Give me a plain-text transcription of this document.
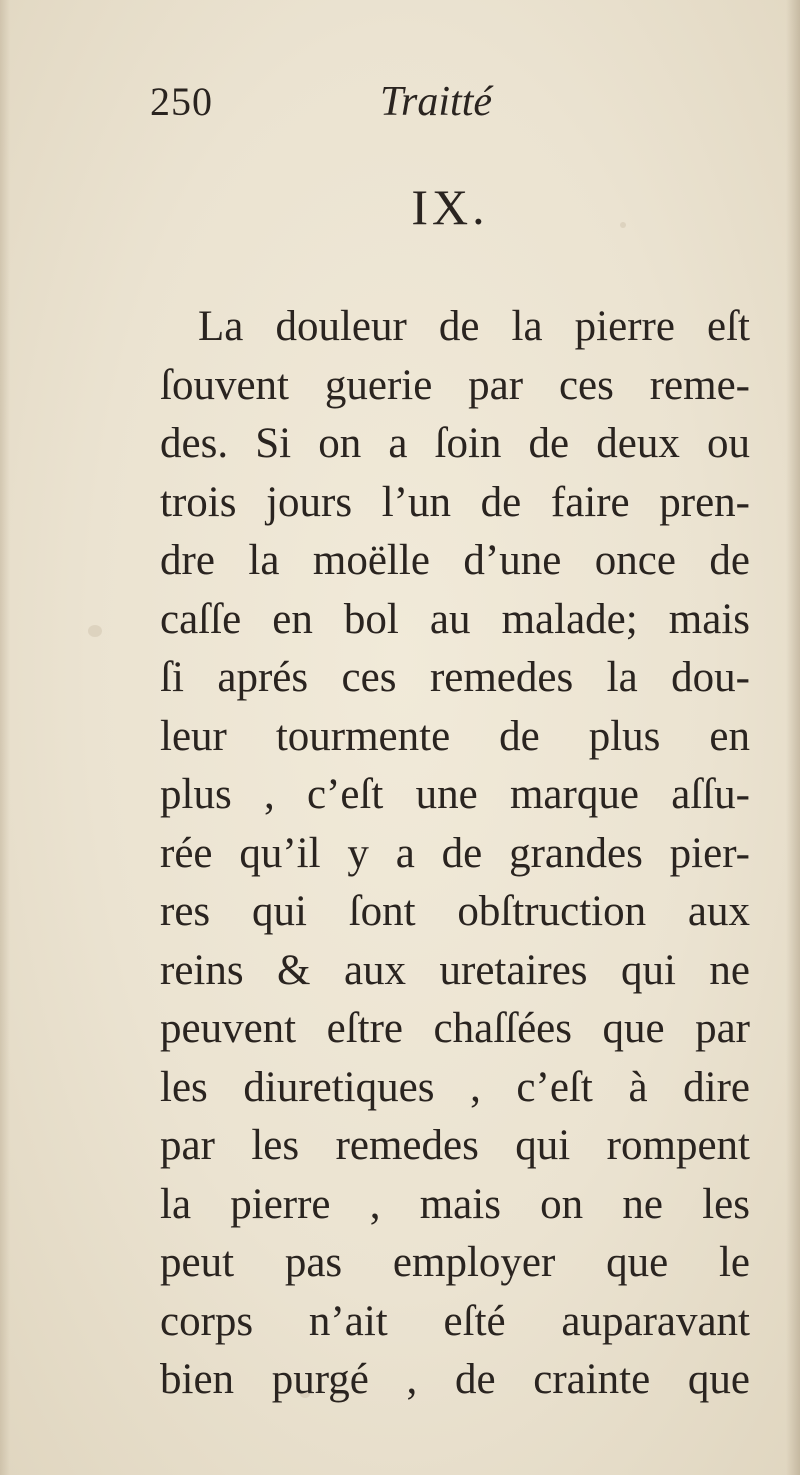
250	Traitté
IX.
La douleur de la pierre eſt
ſouvent guerie par ces reme-
des. Si on a ſoin de deux ou
trois jours l’un de faire pren-
dre la moëlle d’une once de
caſſe en bol au malade; mais
ſi aprés ces remedes la dou-
leur tourmente de plus en
plus , c’eſt une marque aſſu-
rée qu’il y a de grandes pier-
res qui ſont obſtruction aux
reins & aux uretaires qui ne
peuvent eſtre chaſſées que par
les diuretiques , c’eſt à dire
par les remedes qui rompent
la pierre , mais on ne les
peut pas employer que le
corps n’ait eſté auparavant
bien purgé , de crainte que
